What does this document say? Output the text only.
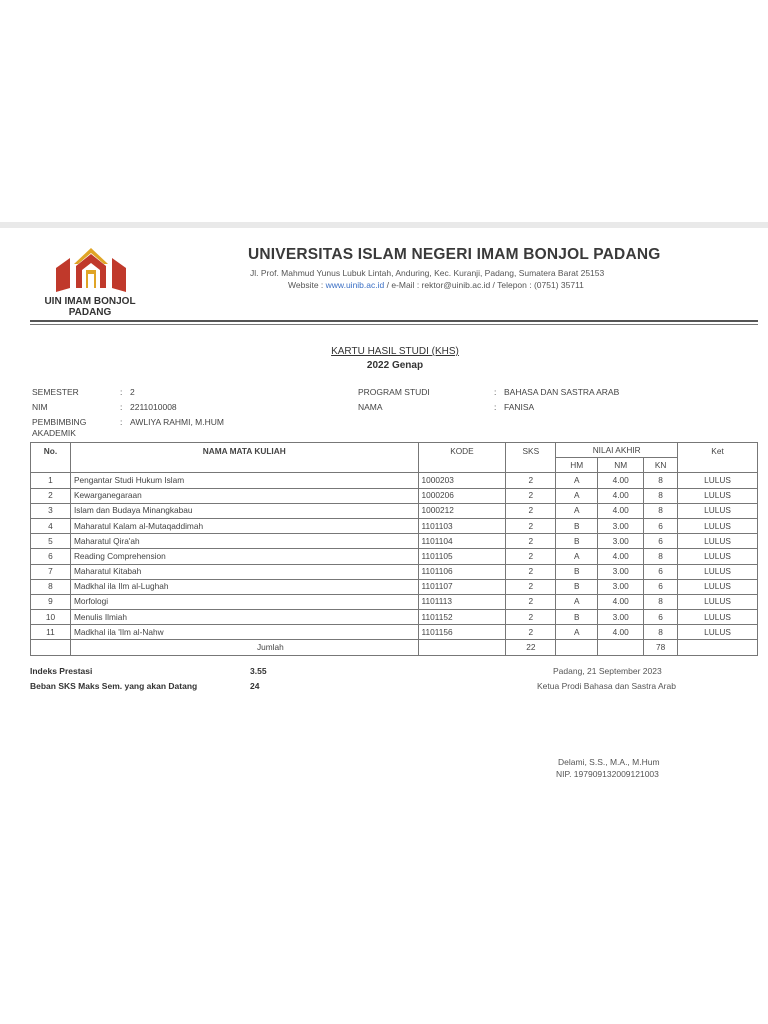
UIN IMAM BONJOL
PADANG
UNIVERSITAS ISLAM NEGERI IMAM BONJOL PADANG
Jl. Prof. Mahmud Yunus Lubuk Lintah, Anduring, Kec. Kuranji, Padang, Sumatera Barat 25153
Website : www.uinib.ac.id / e-Mail : rektor@uinib.ac.id / Telepon : (0751) 35711
KARTU HASIL STUDI (KHS)
2022 Genap
SEMESTER	: 2
NIM	: 2211010008
PEMBIMBING
AKADEMIK
: AWLIYA RAHMI, M.HUM
PROGRAM STUDI	: BAHASA DAN SASTRA ARAB
NAMA	: FANISA
No.	NAMA MATA KULIAH	KODE	SKS	NILAI AKHIR			Ket
				HM	NM	KN	
1	Pengantar Studi Hukum Islam	1000203	2	A	4.00	8	LULUS
2	Kewarganegaraan	1000206	2	A	4.00	8	LULUS
3	Islam dan Budaya Minangkabau	1000212	2	A	4.00	8	LULUS
4	Maharatul Kalam al-Mutaqaddimah	1101103	2	B	3.00	6	LULUS
5	Maharatul Qira'ah	1101104	2	B	3.00	6	LULUS
6	Reading Comprehension	1101105	2	A	4.00	8	LULUS
7	Maharatul Kitabah	1101106	2	B	3.00	6	LULUS
8	Madkhal ila Ilm al-Lughah	1101107	2	B	3.00	6	LULUS
9	Morfologi	1101113	2	A	4.00	8	LULUS
10	Menulis Ilmiah	1101152	2	B	3.00	6	LULUS
11	Madkhal ila 'Ilm al-Nahw	1101156	2	A	4.00	8	LULUS
	Jumlah		22			78	
Indeks Prestasi	3.55
Beban SKS Maks Sem. yang akan Datang	24
Padang, 21 September 2023
Ketua Prodi Bahasa dan Sastra Arab
Delami, S.S., M.A., M.Hum
NIP. 197909132009121003
